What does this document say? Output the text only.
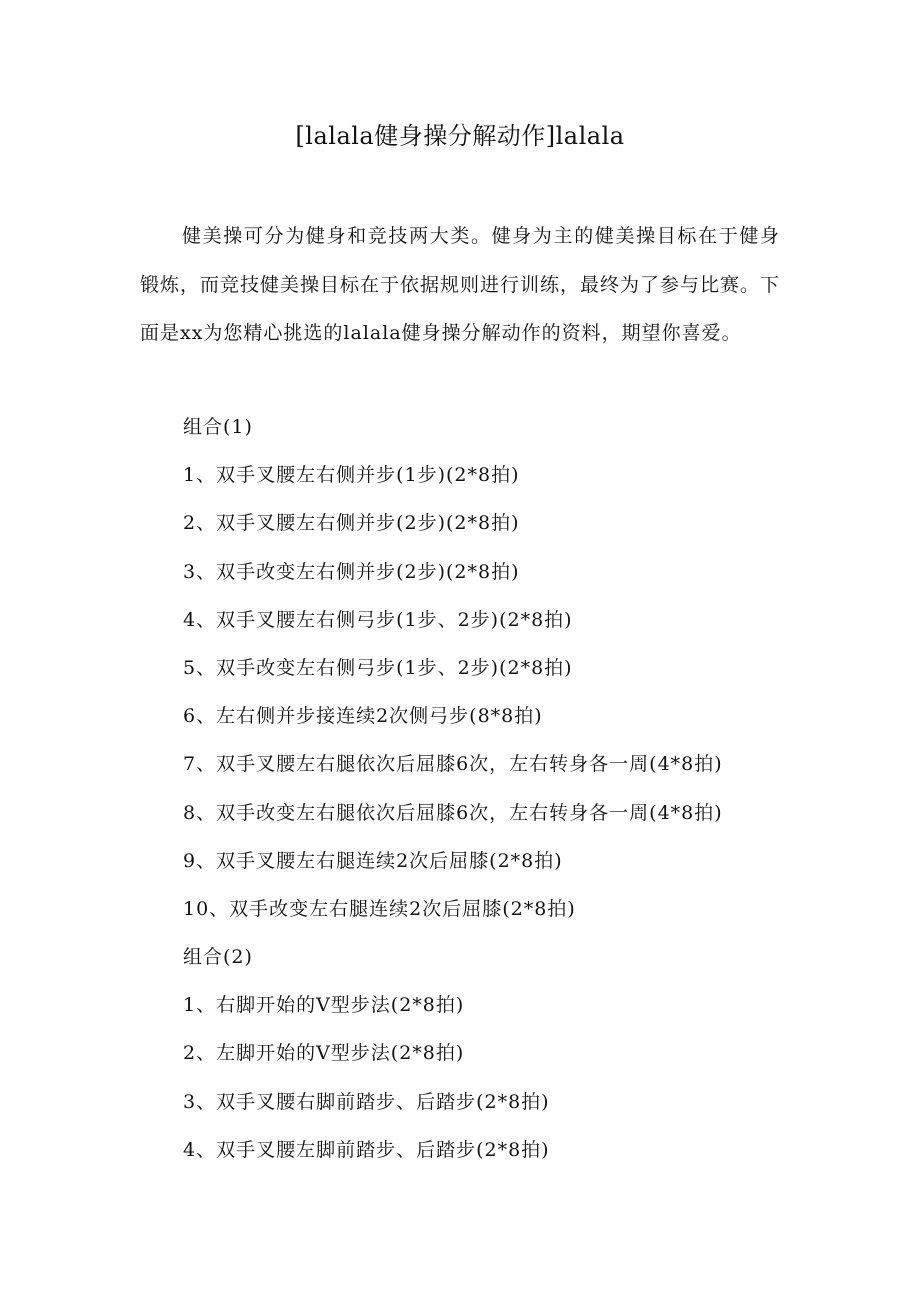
[lalala健身操分解动作]lalala

健美操可分为健身和竞技两大类。健身为主的健美操目标在于健身锻炼，而竞技健美操目标在于依据规则进行训练，最终为了参与比赛。下面是xx为您精心挑选的lalala健身操分解动作的资料，期望你喜爱。

组合(1)
1、双手叉腰左右侧并步(1步)(2*8拍)
2、双手叉腰左右侧并步(2步)(2*8拍)
3、双手改变左右侧并步(2步)(2*8拍)
4、双手叉腰左右侧弓步(1步、2步)(2*8拍)
5、双手改变左右侧弓步(1步、2步)(2*8拍)
6、左右侧并步接连续2次侧弓步(8*8拍)
7、双手叉腰左右腿依次后屈膝6次，左右转身各一周(4*8拍)
8、双手改变左右腿依次后屈膝6次，左右转身各一周(4*8拍)
9、双手叉腰左右腿连续2次后屈膝(2*8拍)
10、双手改变左右腿连续2次后屈膝(2*8拍)
组合(2)
1、右脚开始的V型步法(2*8拍)
2、左脚开始的V型步法(2*8拍)
3、双手叉腰右脚前踏步、后踏步(2*8拍)
4、双手叉腰左脚前踏步、后踏步(2*8拍)
